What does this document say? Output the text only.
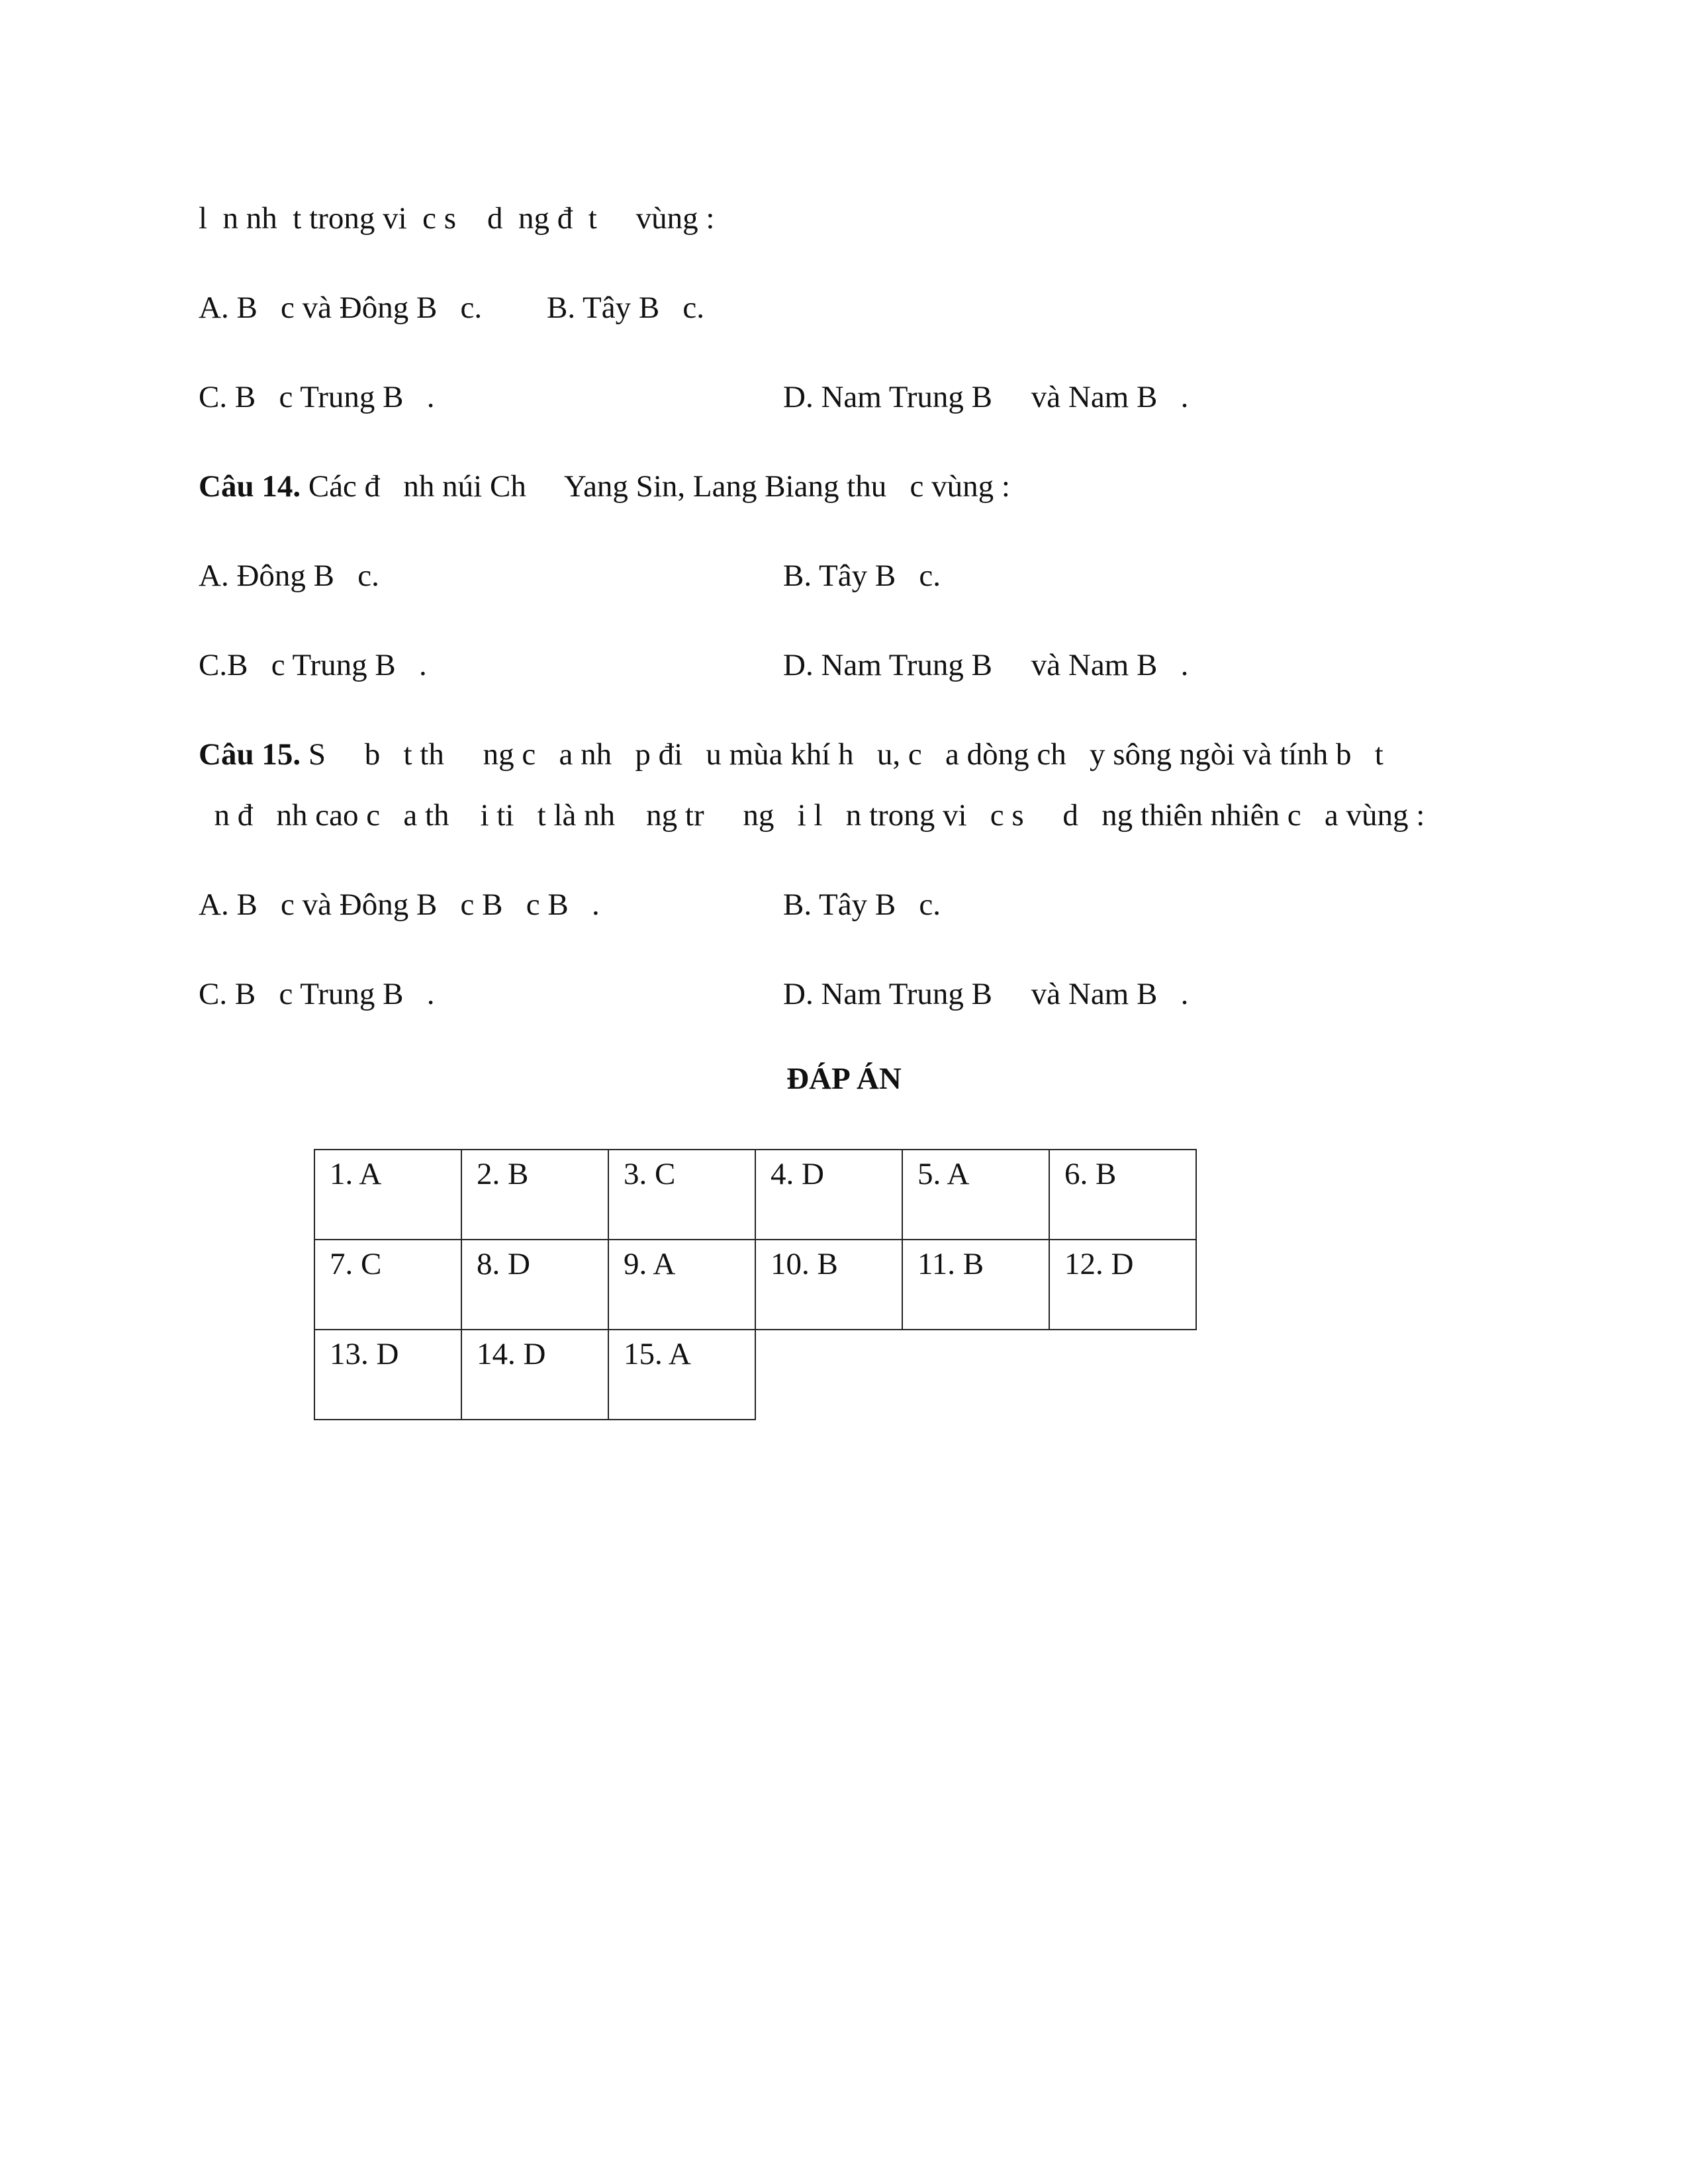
l  n nh  t trong vi  c s    d  ng đ  t     vùng :
A. B   c và Đông B   c. B. Tây B   c.
C. B   c Trung B   .	D. Nam Trung B     và Nam B   .
Câu 14. Các đ   nh núi Ch     Yang Sin, Lang Biang thu   c vùng :
A. Đông B   c.	B. Tây B   c.
C.B   c Trung B   .	D. Nam Trung B     và Nam B   .
Câu 15. S     b   t th     ng c   a nh   p đi   u mùa khí h   u, c   a dòng ch   y sông ngòi và tính b   t
n đ   nh cao c   a th    i ti   t là nh    ng tr     ng   i l   n trong vi   c s     d   ng thiên nhiên c   a vùng :
A. B   c và Đông B   c B   c B   .	B. Tây B   c.
C. B   c Trung B   .	D. Nam Trung B     và Nam B   .
ĐÁP ÁN
1. A	2. B	3. C	4. D	5. A	6. B
7. C	8. D	9. A	10. B	11. B	12. D
13. D	14. D	15. A			
